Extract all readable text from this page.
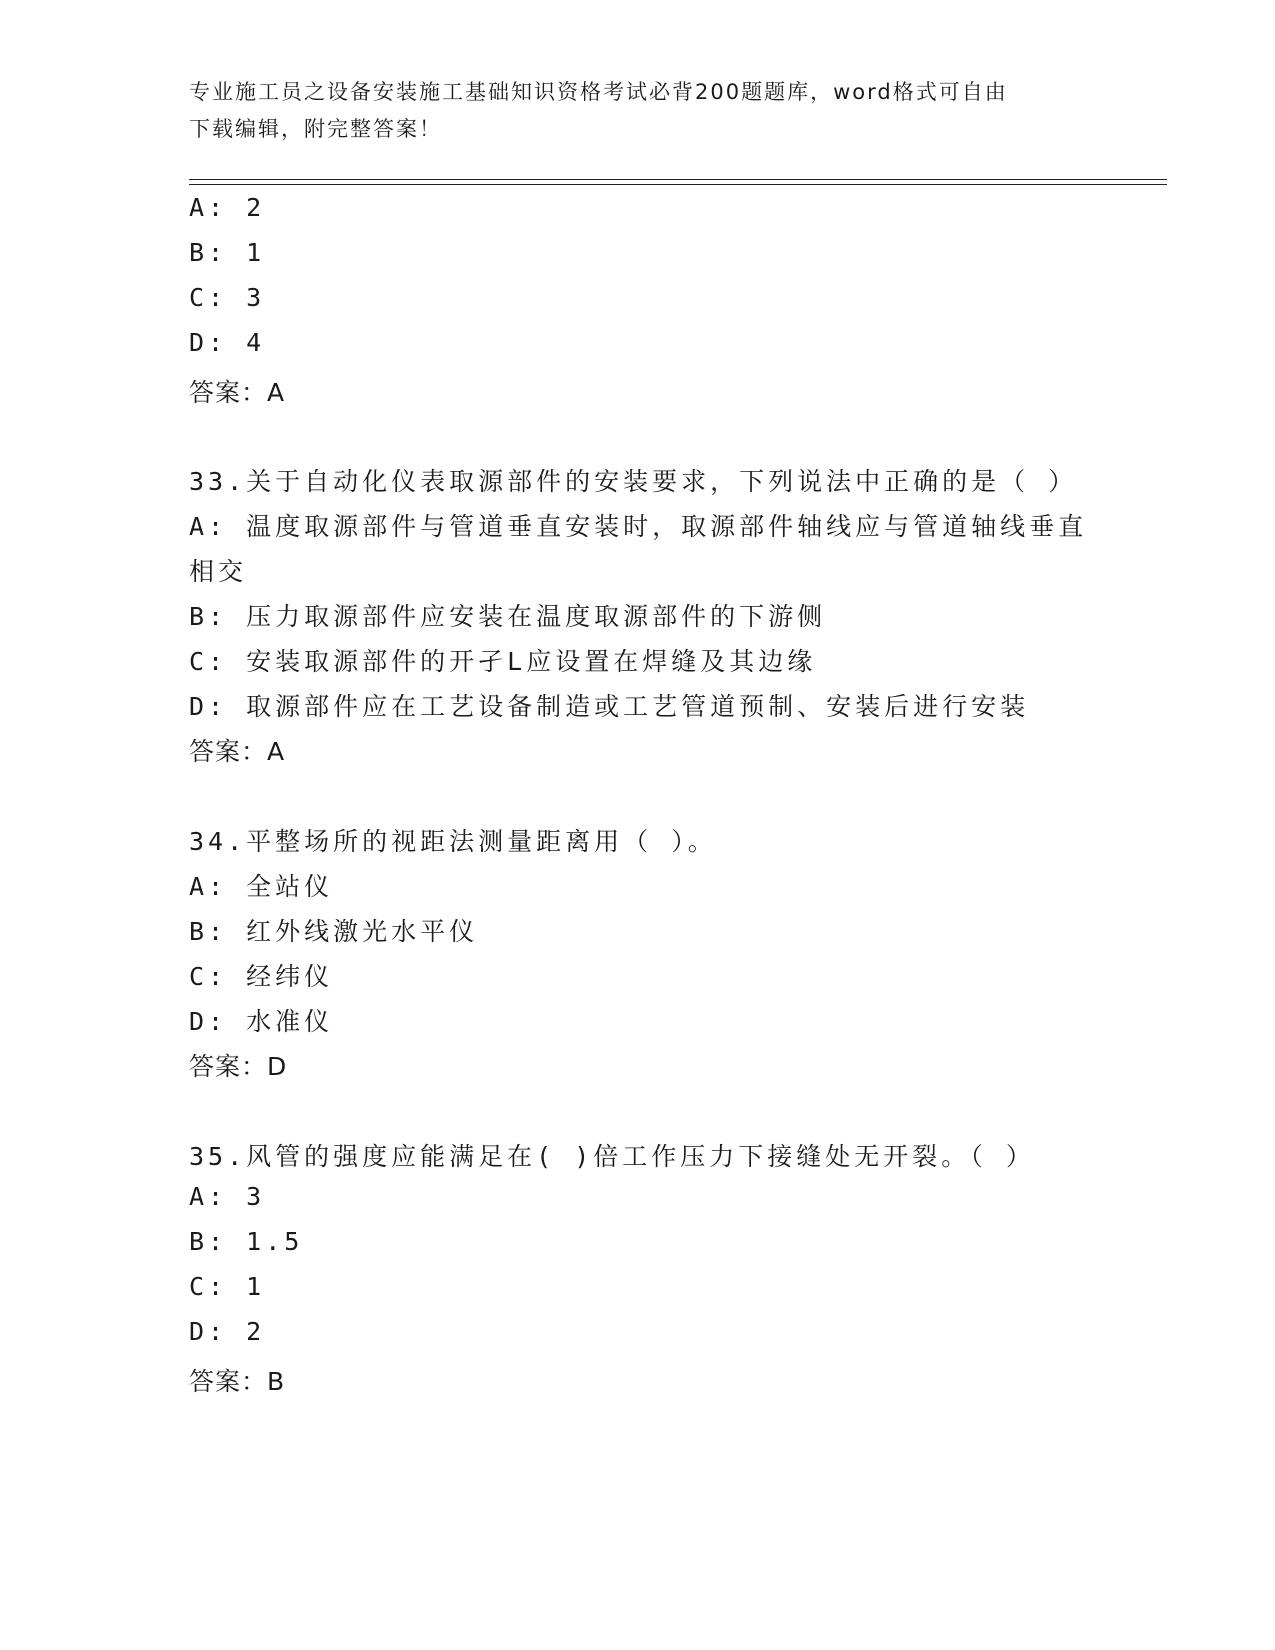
专业施工员之设备安装施工基础知识资格考试必背200题题库，word格式可自由
下载编辑，附完整答案！
A: 2
B: 1
C: 3
D: 4
答案：A
33.关于自动化仪表取源部件的安装要求，下列说法中正确的是（ ）
A: 温度取源部件与管道垂直安装时，取源部件轴线应与管道轴线垂直
相交
B: 压力取源部件应安装在温度取源部件的下游侧
C: 安装取源部件的开孑L应设置在焊缝及其边缘
D: 取源部件应在工艺设备制造或工艺管道预制、安装后进行安装
答案：A
34.平整场所的视距法测量距离用（ ）。
A: 全站仪
B: 红外线激光水平仪
C: 经纬仪
D: 水准仪
答案：D
35.风管的强度应能满足在( )倍工作压力下接缝处无开裂。（ ）
A: 3
B: 1.5
C: 1
D: 2
答案：B
